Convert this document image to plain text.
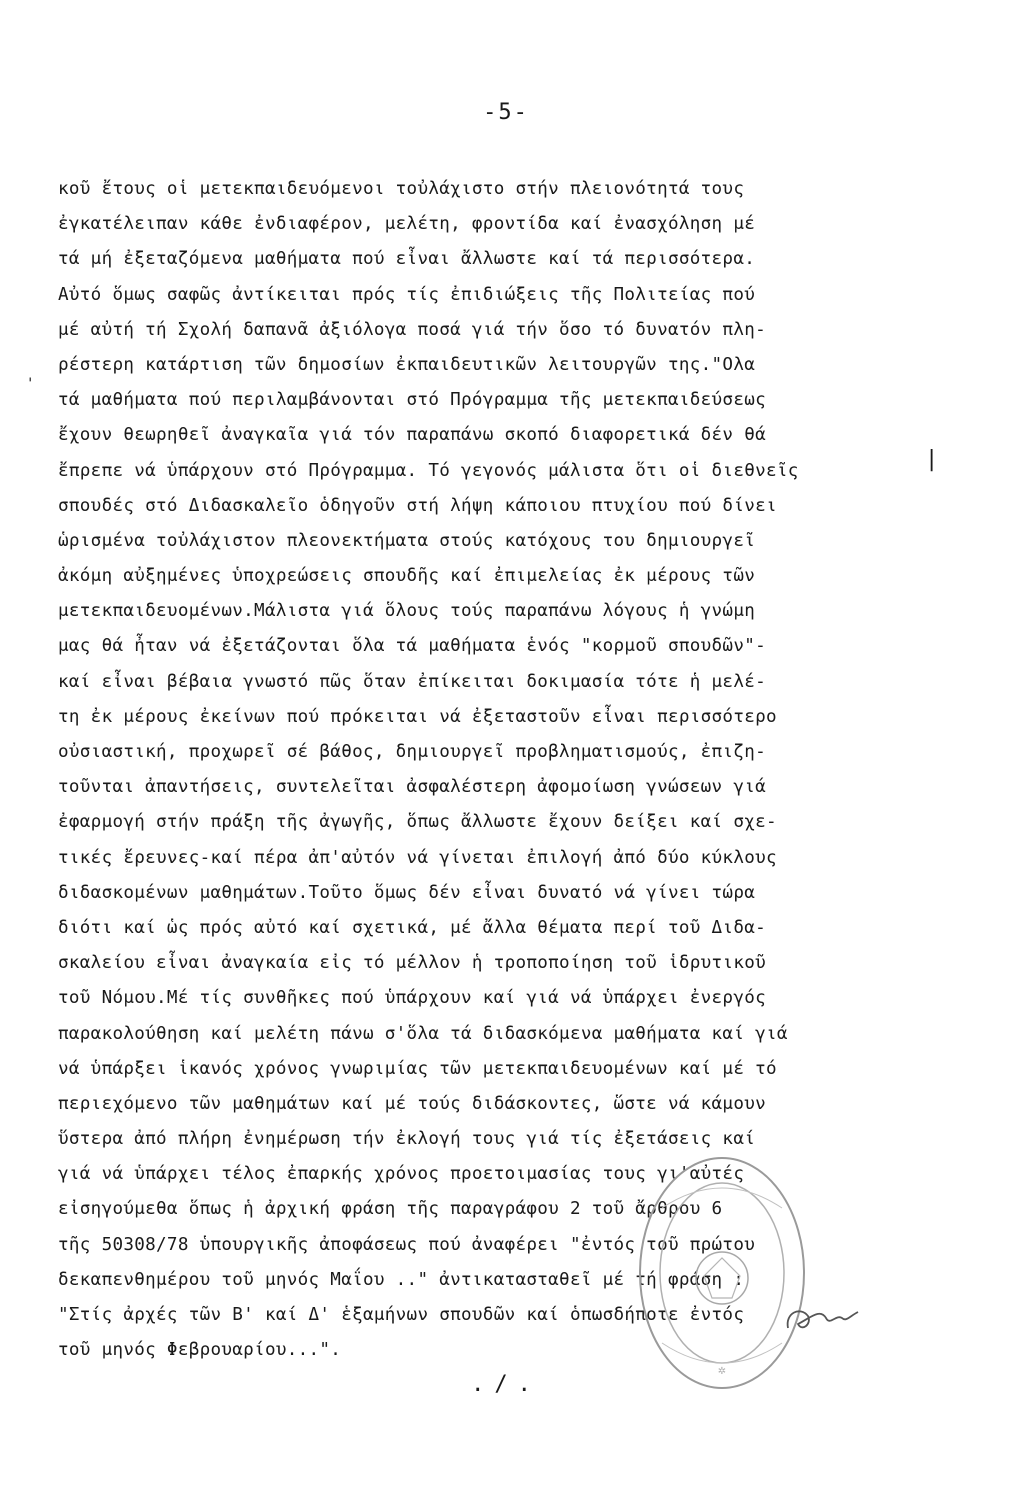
-5-
'
|
κοῦ ἔτους οἱ μετεκπαιδευόμενοι τοὐλάχιστο στήν πλειονότητά τους
ἐγκατέλειπαν κάθε ἐνδιαφέρον, μελέτη, φροντίδα καί ἐνασχόληση μέ
τά μή ἐξεταζόμενα μαθήματα πού εἶναι ἄλλωστε καί τά περισσότερα.
Αὐτό ὅμως σαφῶς ἀντίκειται πρός τίς ἐπιδιώξεις τῆς Πολιτείας πού
μέ αὐτή τή Σχολή δαπανᾶ ἀξιόλογα ποσά γιά τήν ὅσο τό δυνατόν πλη-
ρέστερη κατάρτιση τῶν δημοσίων ἐκπαιδευτικῶν λειτουργῶν της."Ολα
τά μαθήματα πού περιλαμβάνονται στό Πρόγραμμα τῆς μετεκπαιδεύσεως
ἔχουν θεωρηθεῖ ἀναγκαῖα γιά τόν παραπάνω σκοπό διαφορετικά δέν θά
ἔπρεπε νά ὑπάρχουν στό Πρόγραμμα. Τό γεγονός μάλιστα ὅτι οἱ διεθνεῖς
σπουδές στό Διδασκαλεῖο ὁδηγοῦν στή λήψη κάποιου πτυχίου πού δίνει
ὡρισμένα τοὐλάχιστον πλεονεκτήματα στούς κατόχους του δημιουργεῖ
ἀκόμη αὐξημένες ὑποχρεώσεις σπουδῆς καί ἐπιμελείας ἐκ μέρους τῶν
μετεκπαιδευομένων.Μάλιστα γιά ὅλους τούς παραπάνω λόγους ἡ γνώμη
μας θά ἦταν νά ἐξετάζονται ὅλα τά μαθήματα ἑνός "κορμοῦ σπουδῶν"-
καί εἶναι βέβαια γνωστό πῶς ὅταν ἐπίκειται δοκιμασία τότε ἡ μελέ-
τη ἐκ μέρους ἐκείνων πού πρόκειται νά ἐξεταστοῦν εἶναι περισσότερο
οὐσιαστική, προχωρεῖ σέ βάθος, δημιουργεῖ προβληματισμούς, ἐπιζη-
τοῦνται ἀπαντήσεις, συντελεῖται ἀσφαλέστερη ἀφομοίωση γνώσεων γιά
ἐφαρμογή στήν πράξη τῆς ἀγωγῆς, ὅπως ἄλλωστε ἔχουν δείξει καί σχε-
τικές ἔρευνες-καί πέρα ἀπ'αὐτόν νά γίνεται ἐπιλογή ἀπό δύο κύκλους
διδασκομένων μαθημάτων.Τοῦτο ὅμως δέν εἶναι δυνατό νά γίνει τώρα
διότι καί ὡς πρός αὐτό καί σχετικά, μέ ἄλλα θέματα περί τοῦ Διδα-
σκαλείου εἶναι ἀναγκαία εἰς τό μέλλον ἡ τροποποίηση τοῦ ἱδρυτικοῦ
τοῦ Νόμου.Μέ τίς συνθῆκες πού ὑπάρχουν καί γιά νά ὑπάρχει ἐνεργός
παρακολούθηση καί μελέτη πάνω σ'ὅλα τά διδασκόμενα μαθήματα καί γιά
νά ὑπάρξει ἱκανός χρόνος γνωριμίας τῶν μετεκπαιδευομένων καί μέ τό
περιεχόμενο τῶν μαθημάτων καί μέ τούς διδάσκοντες, ὥστε νά κάμουν
ὕστερα ἀπό πλήρη ἐνημέρωση τήν ἐκλογή τους γιά τίς ἐξετάσεις καί
γιά νά ὑπάρχει τέλος ἐπαρκής χρόνος προετοιμασίας τους γι'αὐτές
εἰσηγούμεθα ὅπως ἡ ἀρχική φράση τῆς παραγράφου 2 τοῦ ἄρθρου 6
τῆς 50308/78 ὑπουργικῆς ἀποφάσεως πού ἀναφέρει "ἐντός τοῦ πρώτου
δεκαπενθημέρου τοῦ μηνός Μαΐου .." ἀντικατασταθεῖ μέ τή φράση :
"Στίς ἀρχές τῶν Β' καί Δ' ἑξαμήνων σπουδῶν καί ὁπωσδήποτε ἐντός
τοῦ μηνός Φεβρουαρίου...".
✲
./.
